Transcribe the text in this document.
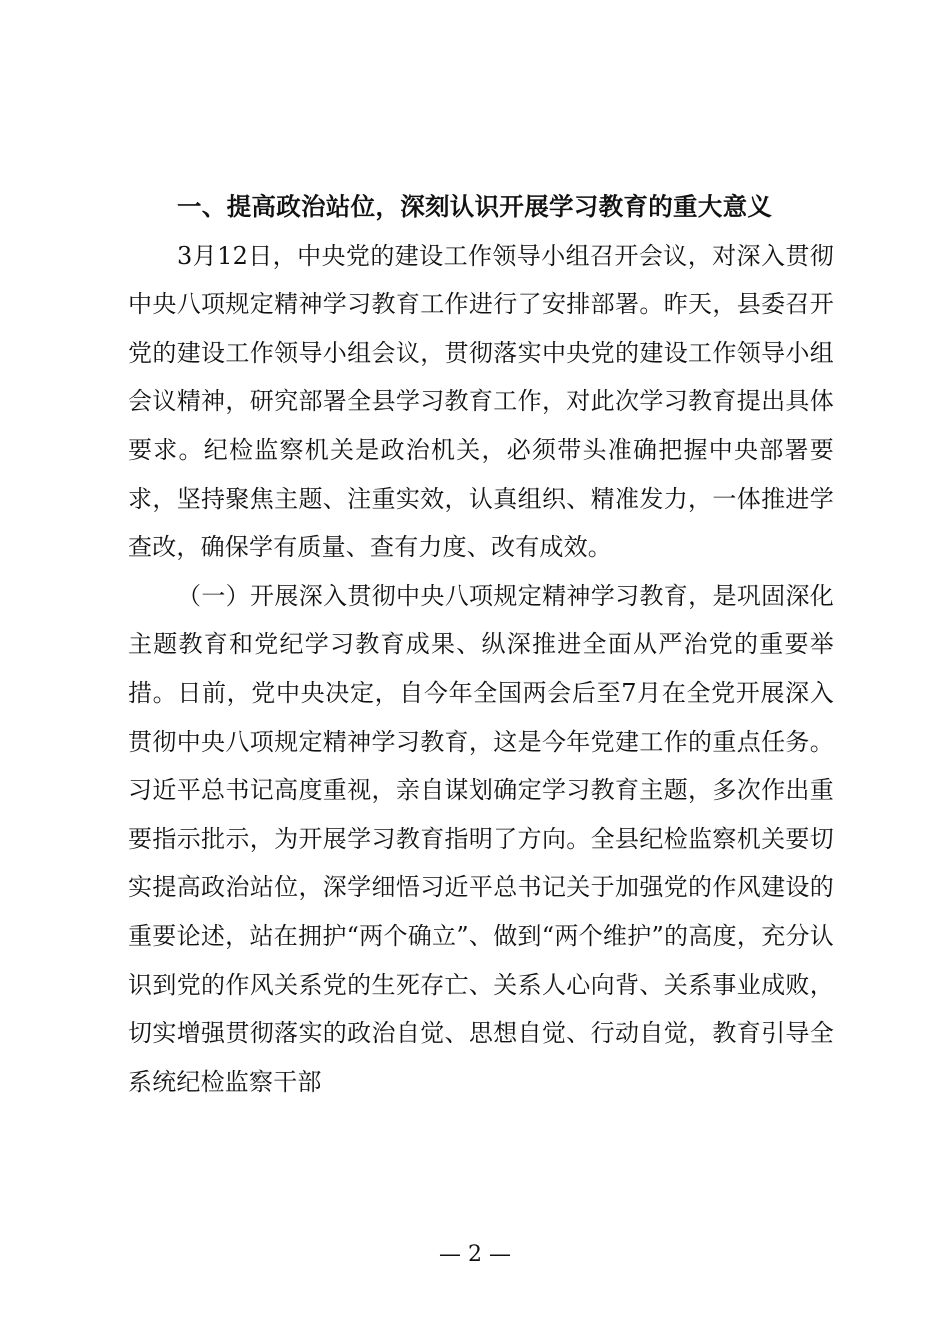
一、提高政治站位，深刻认识开展学习教育的重大意义

3月12日，中央党的建设工作领导小组召开会议，对深入贯彻中央八项规定精神学习教育工作进行了安排部署。昨天，县委召开党的建设工作领导小组会议，贯彻落实中央党的建设工作领导小组会议精神，研究部署全县学习教育工作，对此次学习教育提出具体要求。纪检监察机关是政治机关，必须带头准确把握中央部署要求，坚持聚焦主题、注重实效，认真组织、精准发力，一体推进学查改，确保学有质量、查有力度、改有成效。

（一）开展深入贯彻中央八项规定精神学习教育，是巩固深化主题教育和党纪学习教育成果、纵深推进全面从严治党的重要举措。日前，党中央决定，自今年全国两会后至7月在全党开展深入贯彻中央八项规定精神学习教育，这是今年党建工作的重点任务。习近平总书记高度重视，亲自谋划确定学习教育主题，多次作出重要指示批示，为开展学习教育指明了方向。全县纪检监察机关要切实提高政治站位，深学细悟习近平总书记关于加强党的作风建设的重要论述，站在拥护“两个确立”、做到“两个维护”的高度，充分认识到党的作风关系党的生死存亡、关系人心向背、关系事业成败，切实增强贯彻落实的政治自觉、思想自觉、行动自觉，教育引导全系统纪检监察干部

— 2 —
